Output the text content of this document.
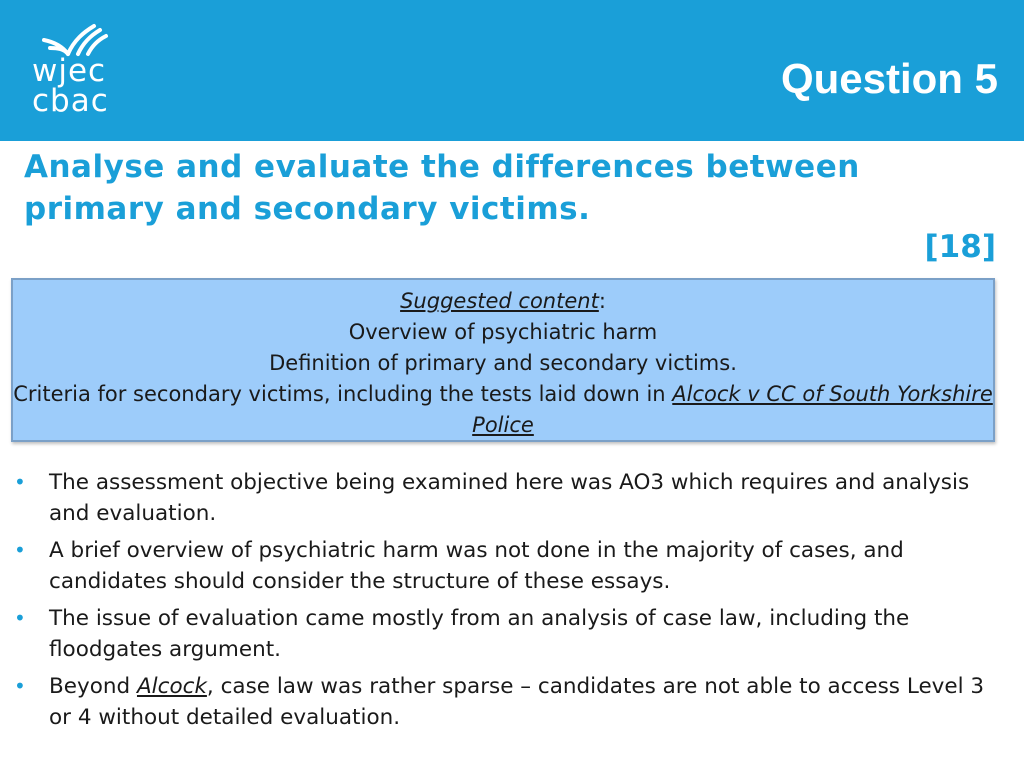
wjec
cbac	Question 5
Analyse and evaluate the differences between primary and secondary victims.
[18]
Suggested content:
Overview of psychiatric harm
Definition of primary and secondary victims.
Criteria for secondary victims, including the tests laid down in Alcock v CC of South Yorkshire Police
• The assessment objective being examined here was AO3 which requires and analysis and evaluation.
• A brief overview of psychiatric harm was not done in the majority of cases, and candidates should consider the structure of these essays.
• The issue of evaluation came mostly from an analysis of case law, including the floodgates argument.
• Beyond Alcock, case law was rather sparse – candidates are not able to access Level 3 or 4 without detailed evaluation.
